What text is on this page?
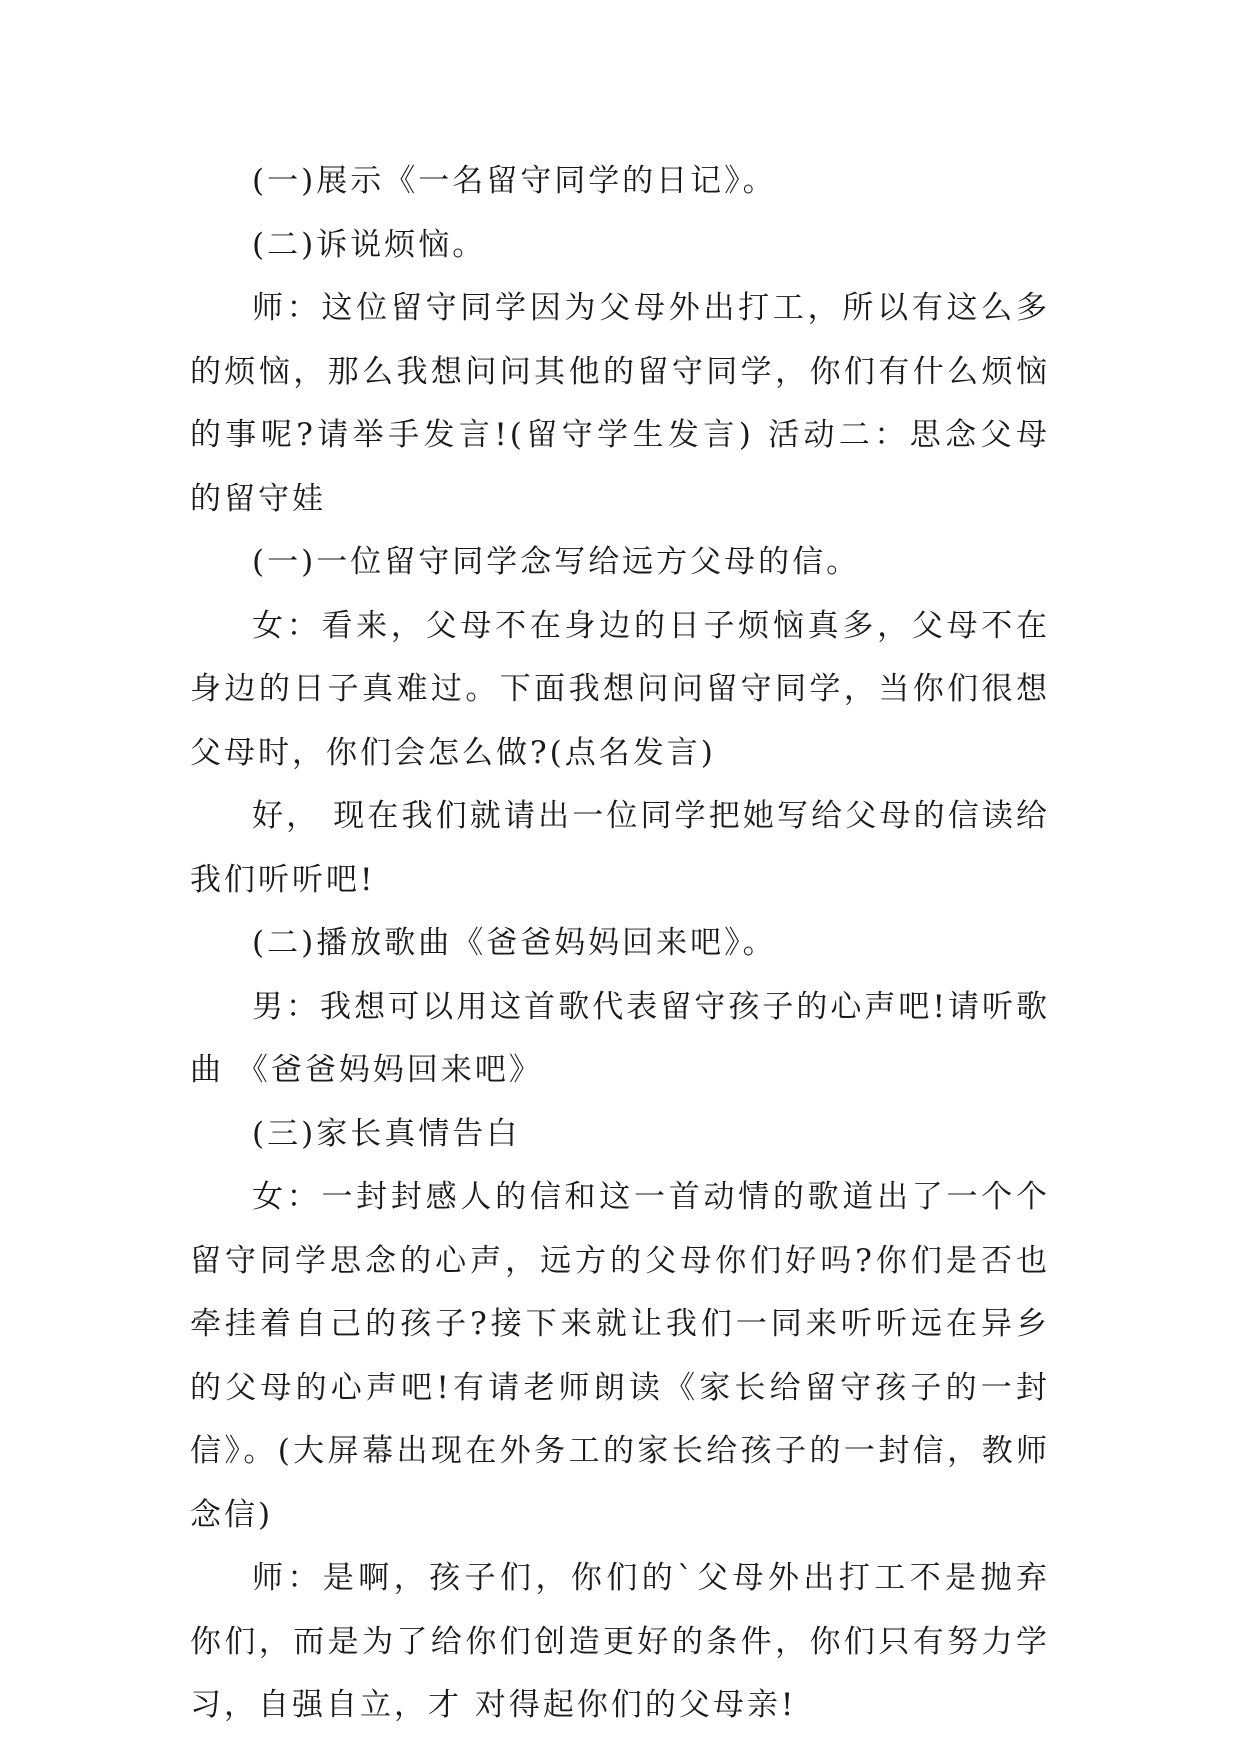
(一)展示《一名留守同学的日记》。

(二)诉说烦恼。

师：这位留守同学因为父母外出打工，所以有这么多的烦恼，那么我想问问其他的留守同学，你们有什么烦恼的事呢?请举手发言!(留守学生发言) 活动二：思念父母的留守娃

(一)一位留守同学念写给远方父母的信。

女：看来，父母不在身边的日子烦恼真多，父母不在身边的日子真难过。下面我想问问留守同学，当你们很想父母时，你们会怎么做?(点名发言)

好， 现在我们就请出一位同学把她写给父母的信读给我们听听吧!

(二)播放歌曲《爸爸妈妈回来吧》。

男：我想可以用这首歌代表留守孩子的心声吧!请听歌曲 《爸爸妈妈回来吧》

(三)家长真情告白

女：一封封感人的信和这一首动情的歌道出了一个个留守同学思念的心声，远方的父母你们好吗?你们是否也牵挂着自己的孩子?接下来就让我们一同来听听远在异乡的父母的心声吧!有请老师朗读《家长给留守孩子的一封信》。(大屏幕出现在外务工的家长给孩子的一封信，教师念信)

师：是啊，孩子们，你们的`父母外出打工不是抛弃你们，而是为了给你们创造更好的条件，你们只有努力学习，自强自立，才 对得起你们的父母亲!
